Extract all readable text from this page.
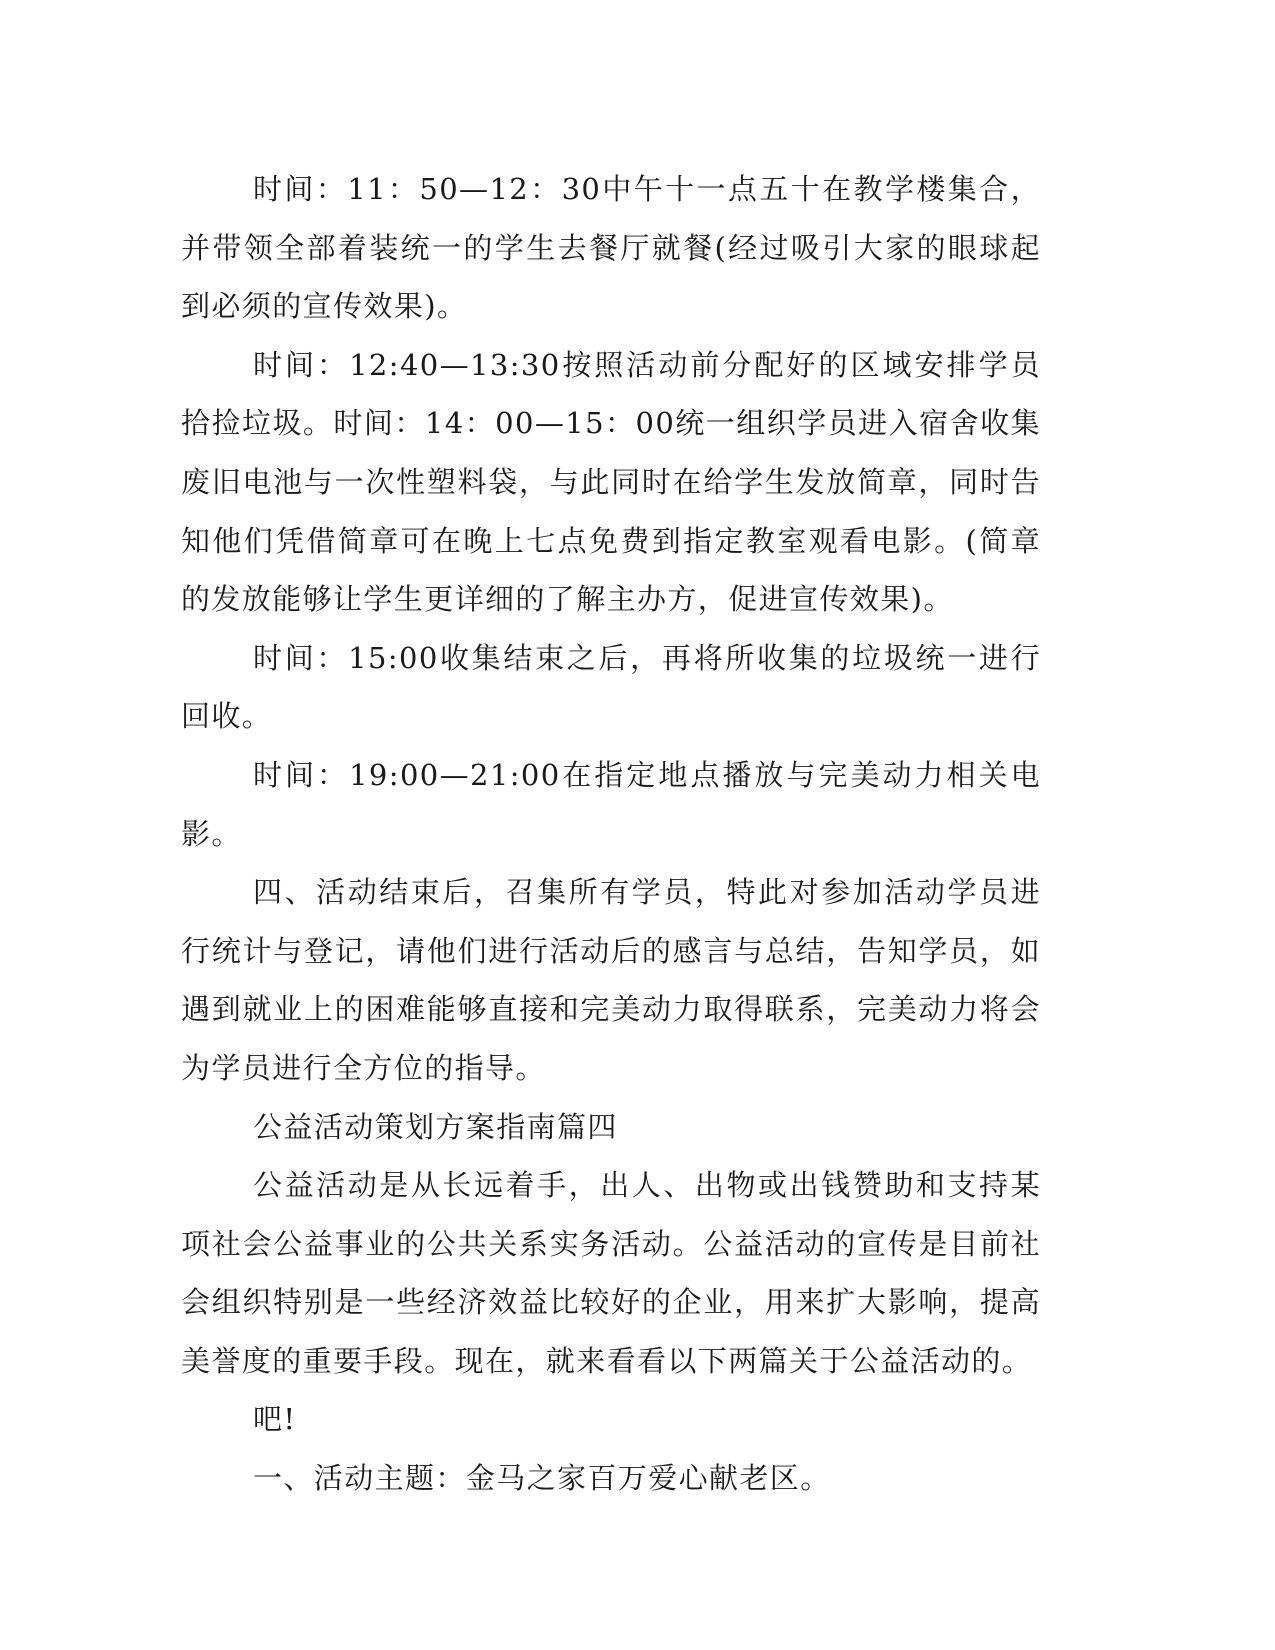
时间：11：50—12：30中午十一点五十在教学楼集合，并带领全部着装统一的学生去餐厅就餐(经过吸引大家的眼球起到必须的宣传效果)。

时间：12:40—13:30按照活动前分配好的区域安排学员拾捡垃圾。时间：14：00—15：00统一组织学员进入宿舍收集废旧电池与一次性塑料袋，与此同时在给学生发放简章，同时告知他们凭借简章可在晚上七点免费到指定教室观看电影。(简章的发放能够让学生更详细的了解主办方，促进宣传效果)。

时间：15:00收集结束之后，再将所收集的垃圾统一进行回收。

时间：19:00—21:00在指定地点播放与完美动力相关电影。

四、活动结束后，召集所有学员，特此对参加活动学员进行统计与登记，请他们进行活动后的感言与总结，告知学员，如遇到就业上的困难能够直接和完美动力取得联系，完美动力将会为学员进行全方位的指导。

公益活动策划方案指南篇四

公益活动是从长远着手，出人、出物或出钱赞助和支持某项社会公益事业的公共关系实务活动。公益活动的宣传是目前社会组织特别是一些经济效益比较好的企业，用来扩大影响，提高美誉度的重要手段。现在，就来看看以下两篇关于公益活动的。

吧!

一、活动主题：金马之家百万爱心献老区。
